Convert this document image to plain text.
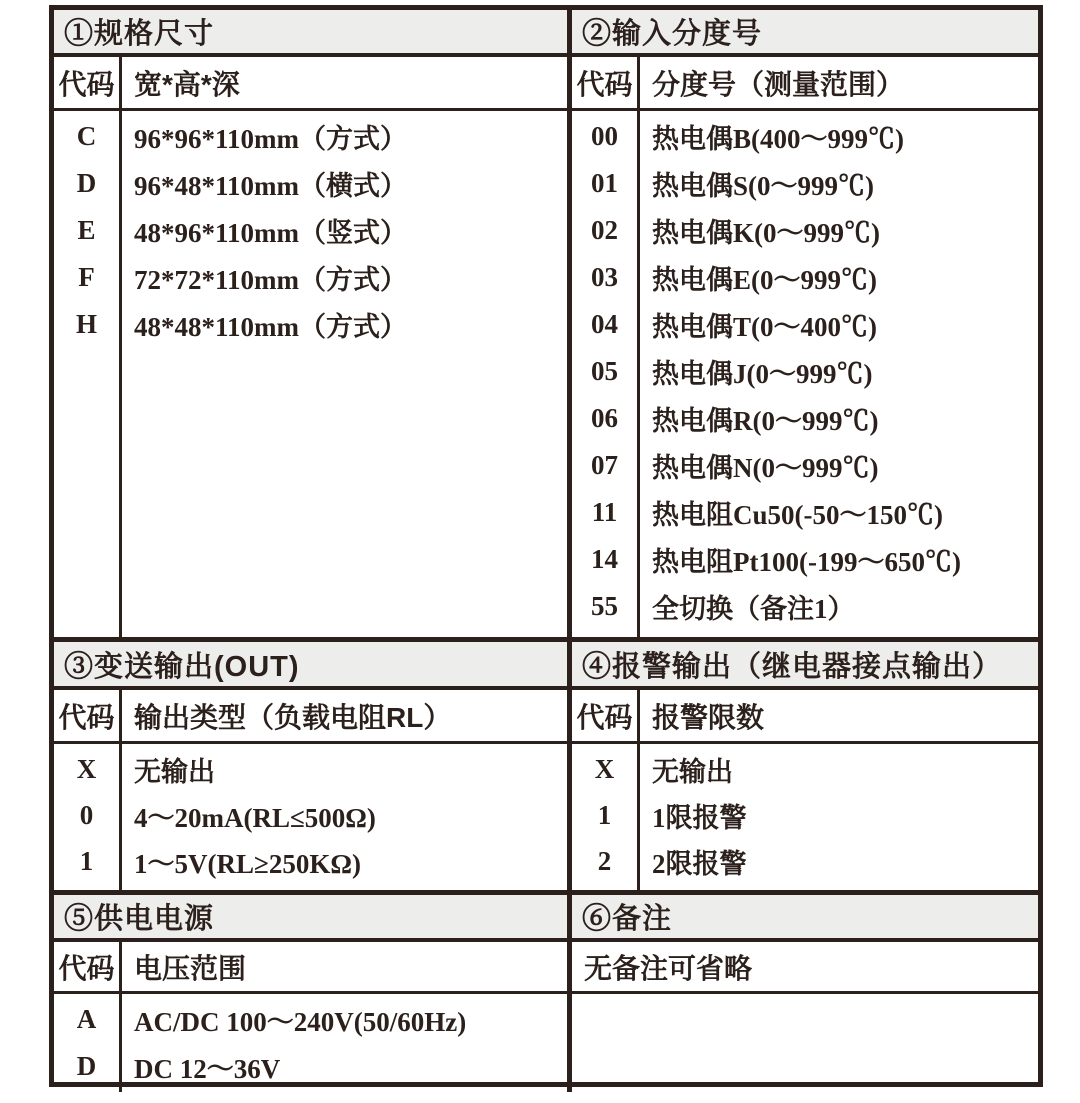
①规格尺寸
代码 宽*高*深
C
D
E
F
H
96*96*110mm（方式）
96*48*110mm（横式）
48*96*110mm（竖式）
72*72*110mm（方式）
48*48*110mm（方式）
②输入分度号
代码 分度号（测量范围）
00
01
02
03
04
05
06
07
11
14
55
热电偶B(400～999℃)
热电偶S(0～999℃)
热电偶K(0～999℃)
热电偶E(0～999℃)
热电偶T(0～400℃)
热电偶J(0～999℃)
热电偶R(0～999℃)
热电偶N(0～999℃)
热电阻Cu50(-50～150℃)
热电阻Pt100(-199～650℃)
全切换（备注1）
③变送输出(OUT)
代码 输出类型（负载电阻RL）
X
0
1
无输出
4～20mA(RL≤500Ω)
1～5V(RL≥250KΩ)
④报警输出（继电器接点输出）
代码 报警限数
X
1
2
无输出
1限报警
2限报警
⑤供电电源
代码 电压范围
A
D
AC/DC 100～240V(50/60Hz)
DC 12～36V
⑥备注
无备注可省略
